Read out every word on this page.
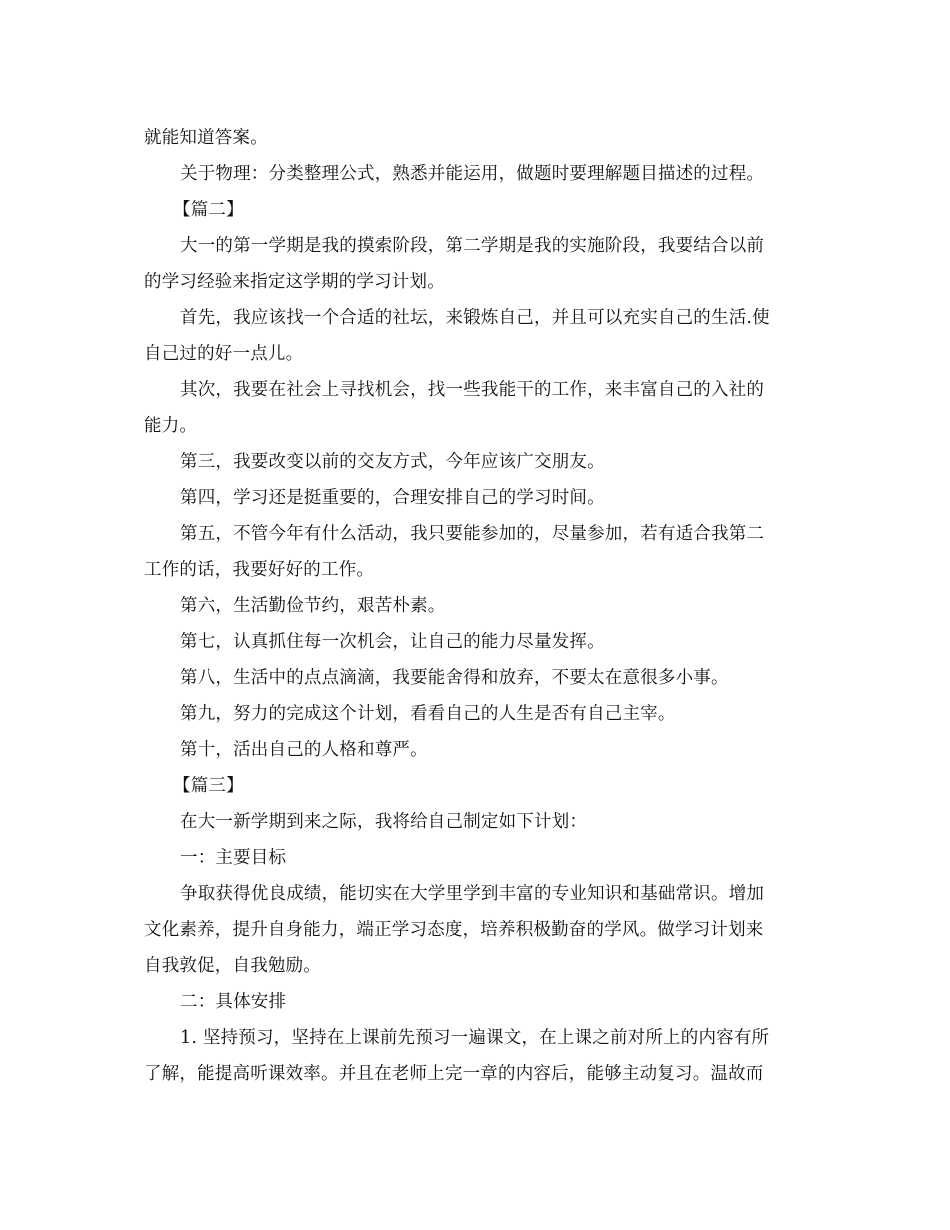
就能知道答案。
关于物理：分类整理公式，熟悉并能运用，做题时要理解题目描述的过程。
【篇二】
大一的第一学期是我的摸索阶段，第二学期是我的实施阶段，我要结合以前
的学习经验来指定这学期的学习计划。
首先，我应该找一个合适的社坛，来锻炼自己，并且可以充实自己的生活.使
自己过的好一点儿。
其次，我要在社会上寻找机会，找一些我能干的工作，来丰富自己的入社的
能力。
第三，我要改变以前的交友方式，今年应该广交朋友。
第四，学习还是挺重要的，合理安排自己的学习时间。
第五，不管今年有什么活动，我只要能参加的，尽量参加，若有适合我第二
工作的话，我要好好的工作。
第六，生活勤俭节约，艰苦朴素。
第七，认真抓住每一次机会，让自己的能力尽量发挥。
第八，生活中的点点滴滴，我要能舍得和放弃，不要太在意很多小事。
第九，努力的完成这个计划，看看自己的人生是否有自己主宰。
第十，活出自己的人格和尊严。
【篇三】
在大一新学期到来之际，我将给自己制定如下计划：
一：主要目标
争取获得优良成绩，能切实在大学里学到丰富的专业知识和基础常识。增加
文化素养，提升自身能力，端正学习态度，培养积极勤奋的学风。做学习计划来
自我敦促，自我勉励。
二：具体安排
1. 坚持预习，坚持在上课前先预习一遍课文，在上课之前对所上的内容有所
了解，能提高听课效率。并且在老师上完一章的内容后，能够主动复习。温故而
